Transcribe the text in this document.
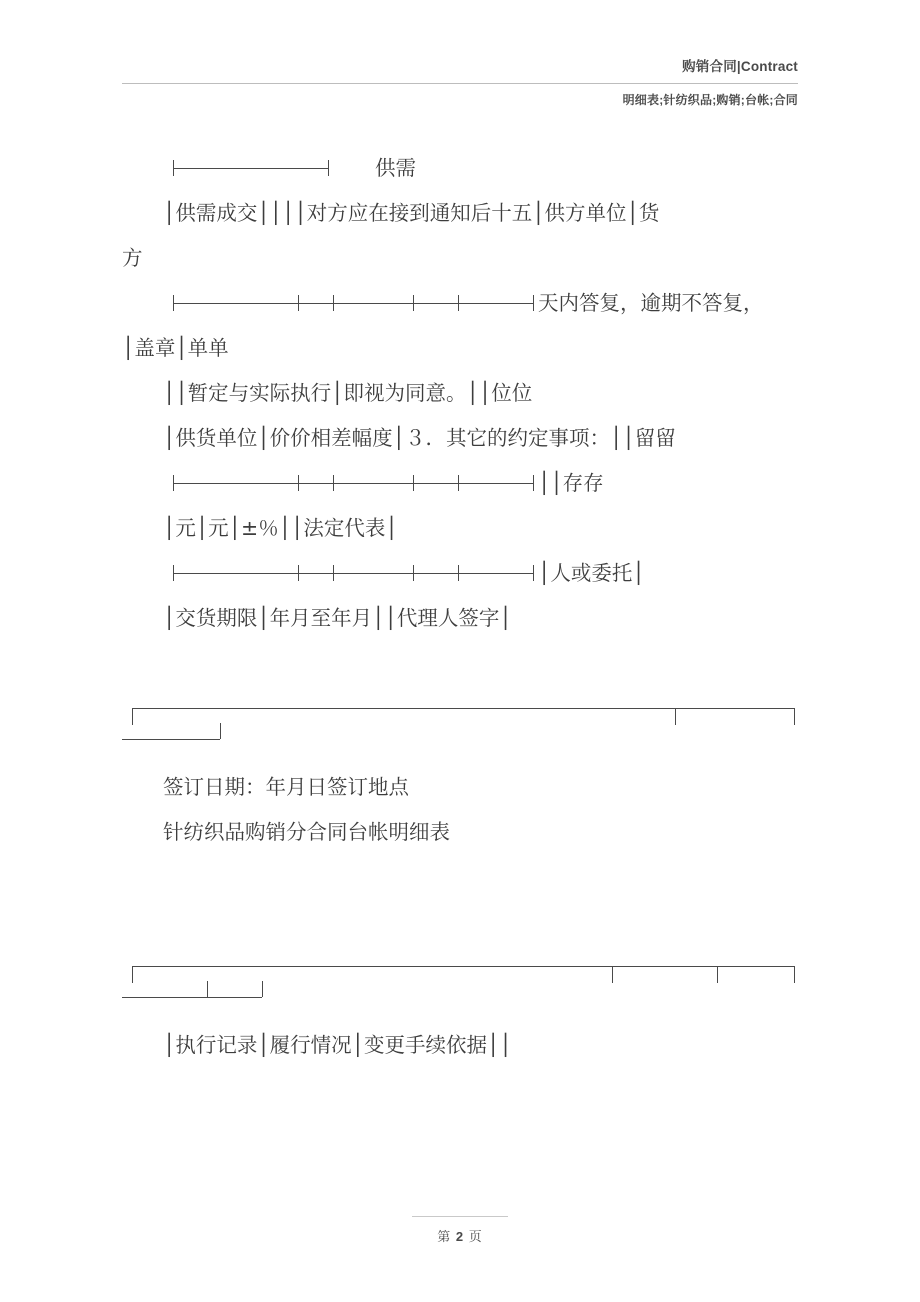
购销合同|Contract
明细表;针纺织品;购销;台帐;合同
供需
│供需成交││││对方应在接到通知后十五│供方单位│货
方
天内答复，逾期不答复，
│盖章│单单
││暂定与实际执行│即视为同意。││位位
│供货单位│价价相差幅度│３．其它的约定事项：││留留
││存存
│元│元│±％││法定代表│
│人或委托│
│交货期限│年月至年月││代理人签字│
签订日期：年月日签订地点
针纺织品购销分合同台帐明细表
│执行记录│履行情况│变更手续依据││
第 2 页
